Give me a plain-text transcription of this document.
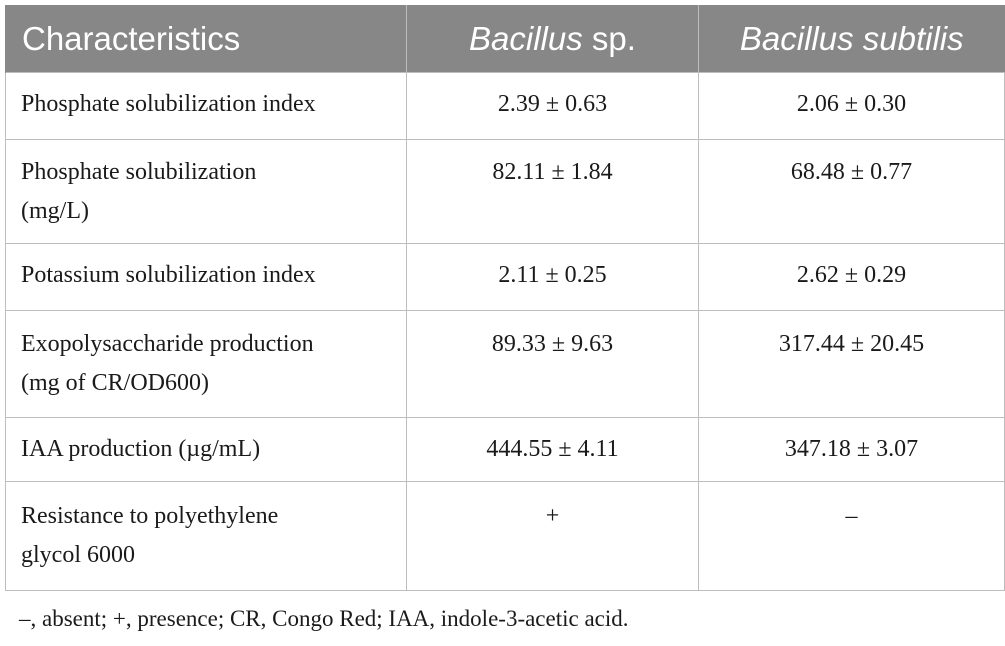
Characteristics	Bacillus sp.	Bacillus subtilis

Phosphate solubilization index	2.39 ± 0.63	2.06 ± 0.30

Phosphate solubilization
(mg/L)	82.11 ± 1.84	68.48 ± 0.77

Potassium solubilization index	2.11 ± 0.25	2.62 ± 0.29

Exopolysaccharide production
(mg of CR/OD600)	89.33 ± 9.63	317.44 ± 20.45

IAA production (µg/mL)	444.55 ± 4.11	347.18 ± 3.07

Resistance to polyethylene
glycol 6000	+	–
–, absent; +, presence; CR, Congo Red; IAA, indole-3-acetic acid.
